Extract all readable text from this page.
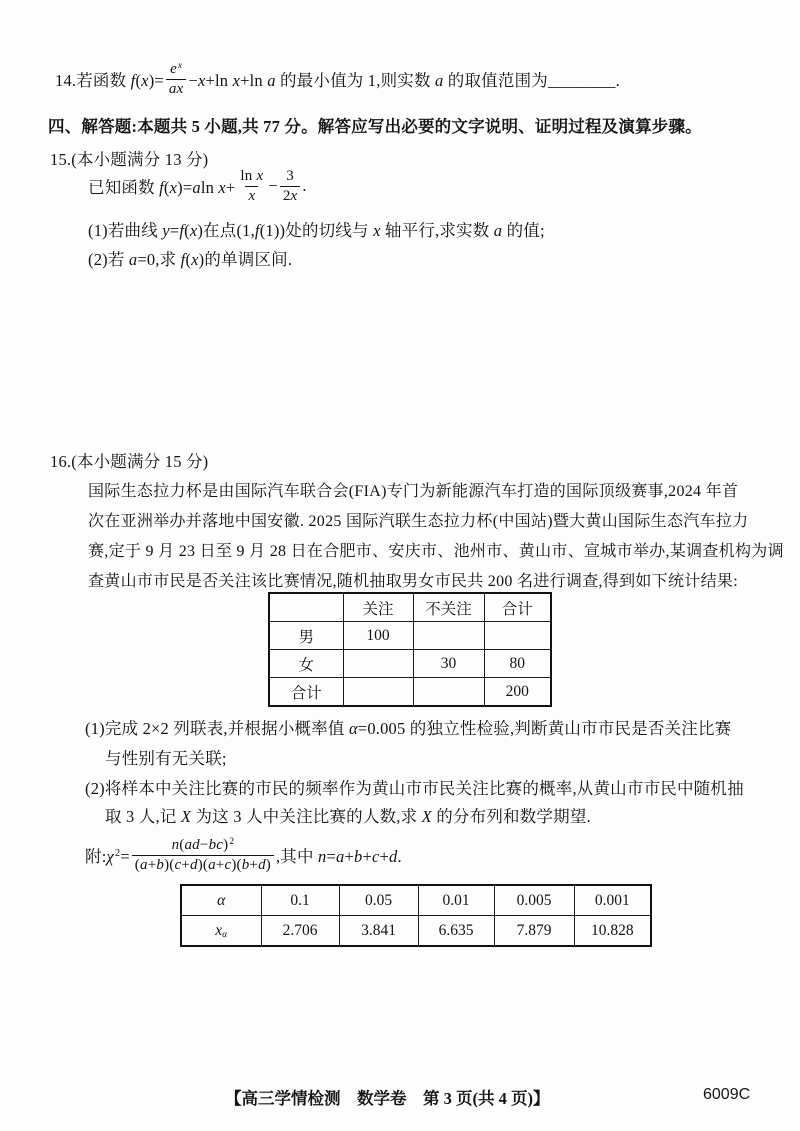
14.若函数 $f(x)= \frac{e^x}{ax} -x+\ln$ x+ln a 的最小值为 1,则实数 a 的取值范围为________.
四、解答题:本题共 5 小题,共 77 分。解答应写出必要的文字说明、证明过程及演算步骤。
15.(本小题满分 13 分)
已知函数 f(x)=aln $x+ \frac{\text{ln x}}{x} - \frac{3}{2x}$ .
(1)若曲线 y=f(x)在点(1,f(1))处的切线与 x 轴平行,求实数 a 的值;
(2)若 a=0,求 f(x)的单调区间.
16.(本小题满分 15 分)
国际生态拉力杯是由国际汽车联合会(FIA)专门为新能源汽车打造的国际顶级赛事,2024 年首
次在亚洲举办并落地中国安徽. 2025 国际汽联生态拉力杯(中国站)暨大黄山国际生态汽车拉力
赛,定于 9 月 23 日至 9 月 28 日在合肥市、安庆市、池州市、黄山市、宣城市举办,某调查机构为调
查黄山市市民是否关注该比赛情况,随机抽取男女市民共 200 名进行调查,得到如下统计结果:
	关注	不关注	合计
男	100		
女		30	80
合计			200
(1)完成 2×2 列联表,并根据小概率值 α=0.005 的独立性检验,判断黄山市市民是否关注比赛
与性别有无关联;
(2)将样本中关注比赛的市民的频率作为黄山市市民关注比赛的概率,从黄山市市民中随机抽
取 3 人,记 X 为这 3 人中关注比赛的人数,求 X 的分布列和数学期望.
附$:\chi^2= \frac{n(ad-bc)^2}{(a+b)(c+d)(a+c)(b+d)}$ ,其中 n=a+b+c+d.
α	0.1	0.05	0.01	0.005	0.001
xα	2.706	3.841	6.635	7.879	10.828
【高三学情检测　数学卷　第 3 页(共 4 页)】	6009C
